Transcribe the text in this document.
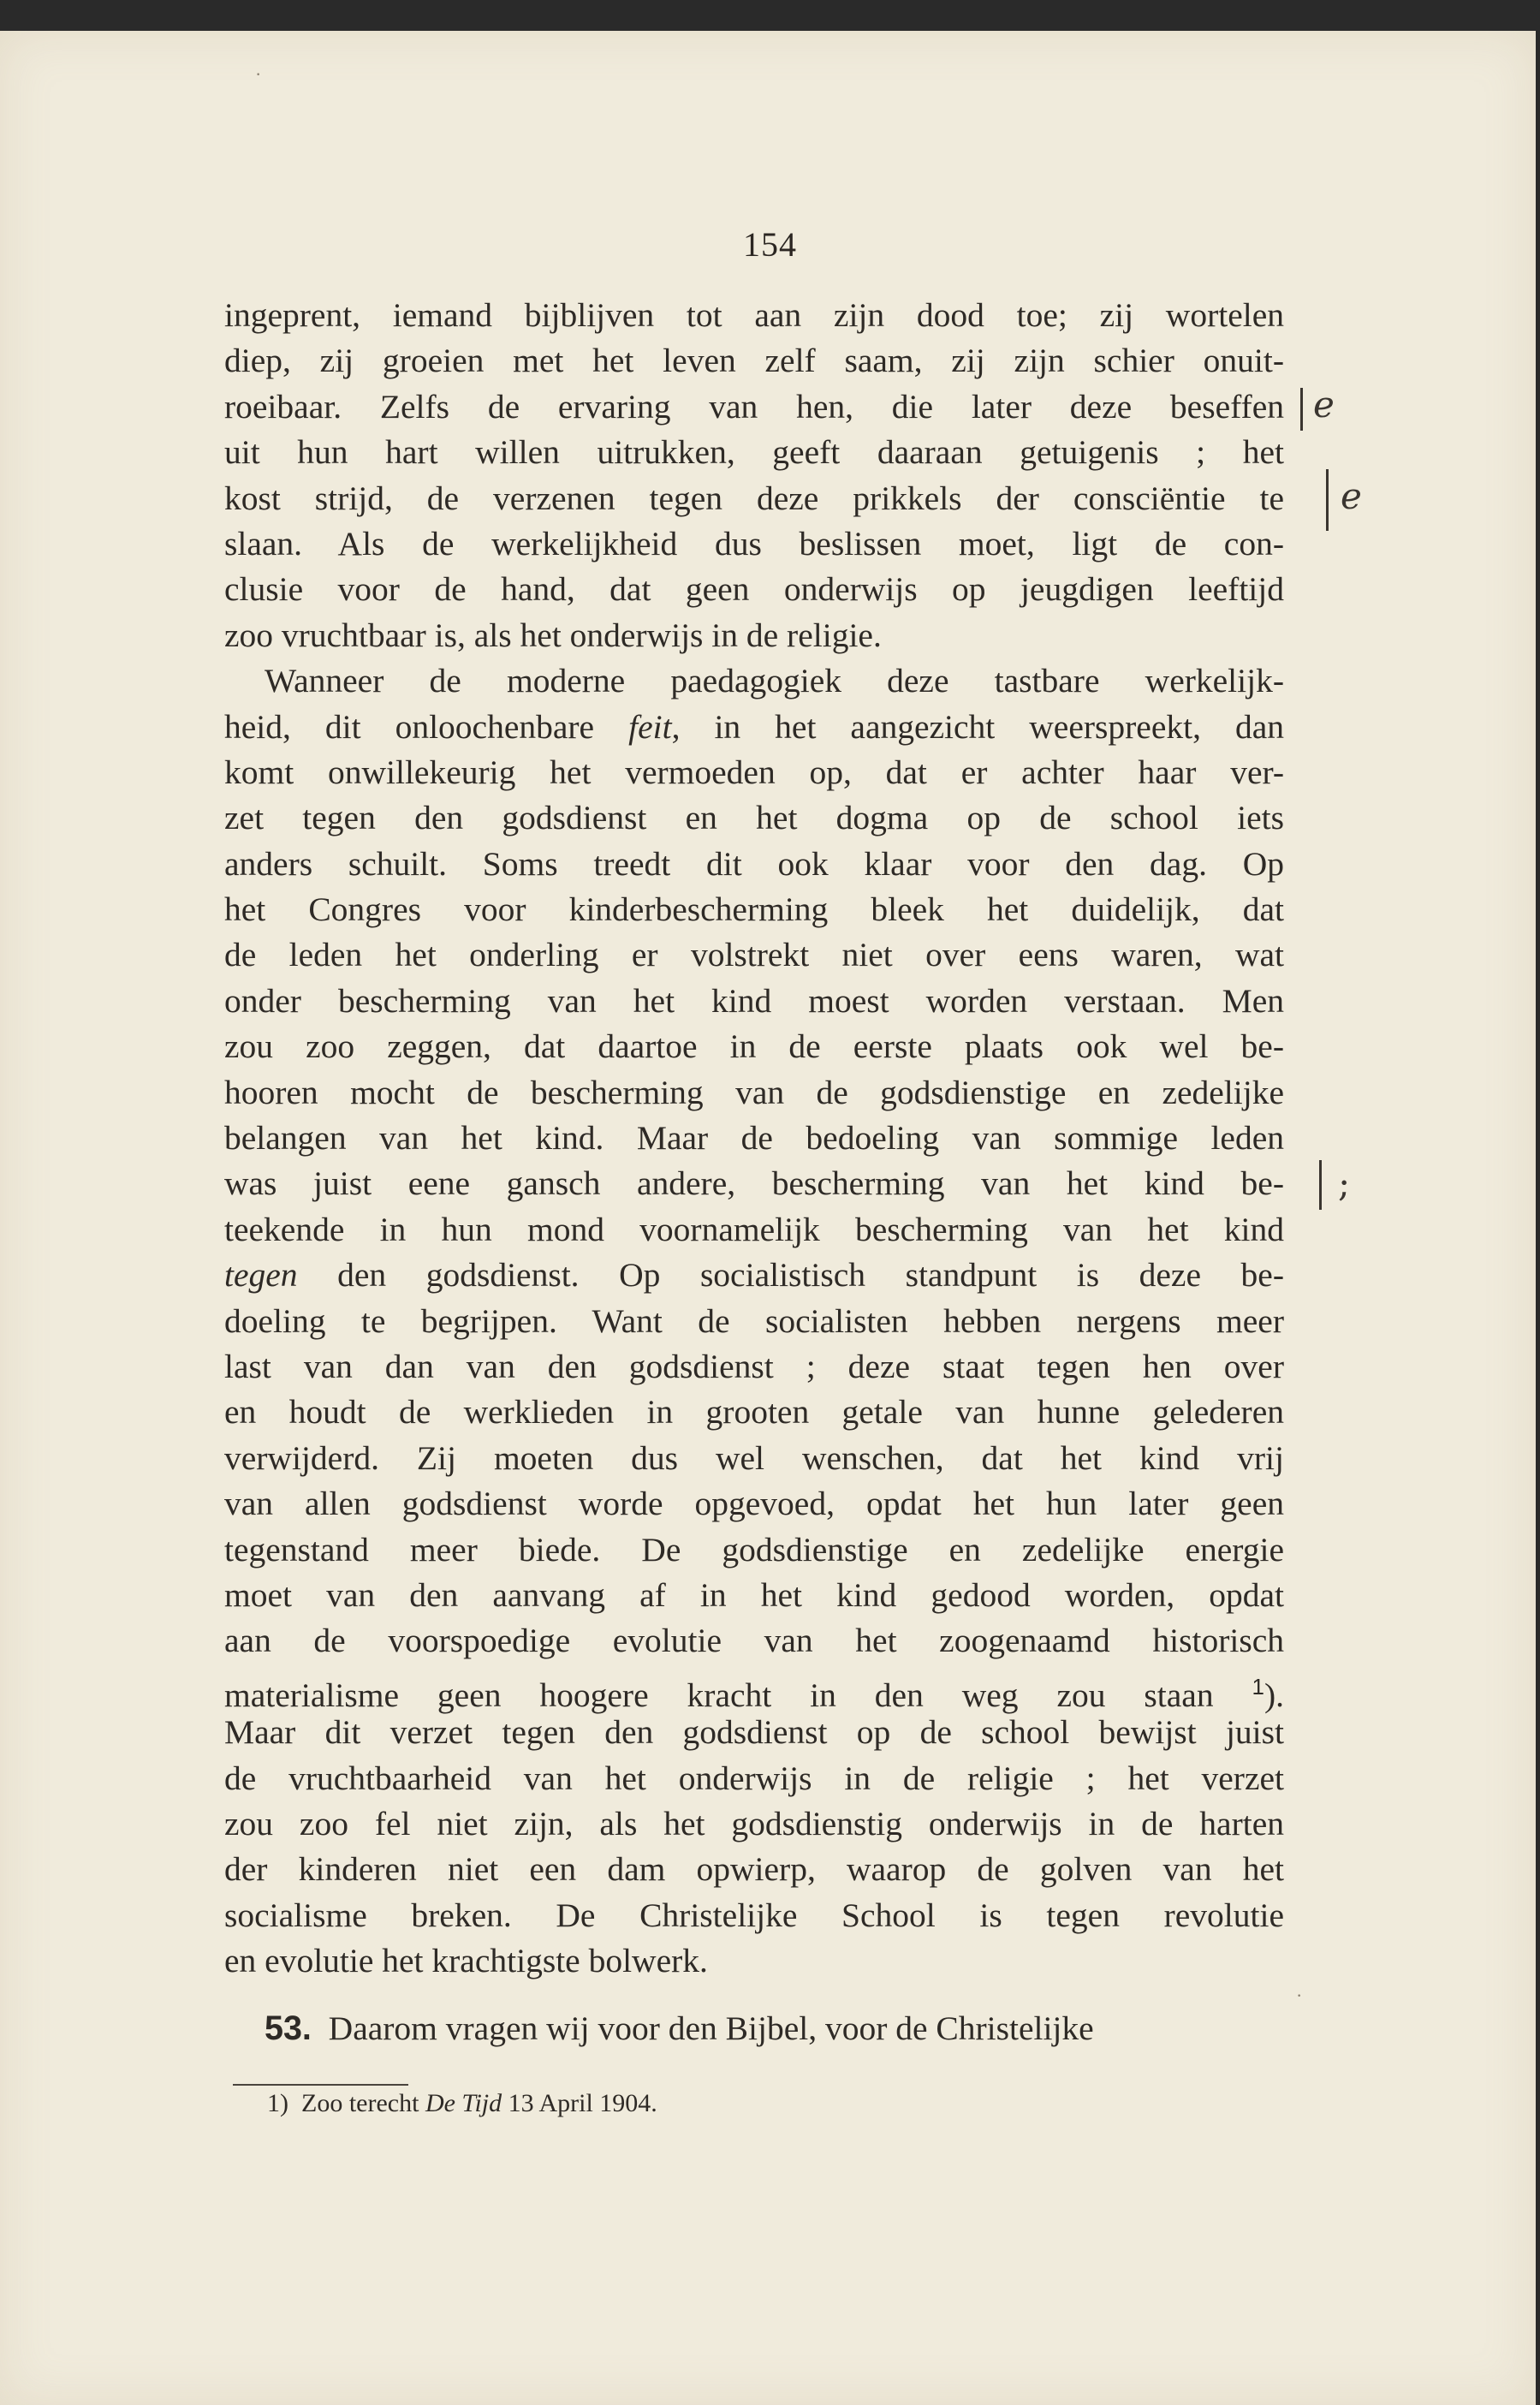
·
·
154
ingeprent, iemand bijblijven tot aan zijn dood toe; zij wortelen
diep, zij groeien met het leven zelf saam, zij zijn schier onuit-
roeibaar. Zelfs de ervaring van hen, die later deze beseffen
uit hun hart willen uitrukken, geeft daaraan getuigenis ; het
kost strijd, de verzenen tegen deze prikkels der consciëntie te
slaan. Als de werkelijkheid dus beslissen moet, ligt de con-
clusie voor de hand, dat geen onderwijs op jeugdigen leeftijd
zoo vruchtbaar is, als het onderwijs in de religie.
Wanneer de moderne paedagogiek deze tastbare werkelijk-
heid, dit onloochenbare feit, in het aangezicht weerspreekt, dan
komt onwillekeurig het vermoeden op, dat er achter haar ver-
zet tegen den godsdienst en het dogma op de school iets
anders schuilt. Soms treedt dit ook klaar voor den dag. Op
het Congres voor kinderbescherming bleek het duidelijk, dat
de leden het onderling er volstrekt niet over eens waren, wat
onder bescherming van het kind moest worden verstaan. Men
zou zoo zeggen, dat daartoe in de eerste plaats ook wel be-
hooren mocht de bescherming van de godsdienstige en zedelijke
belangen van het kind. Maar de bedoeling van sommige leden
was juist eene gansch andere, bescherming van het kind be-
teekende in hun mond voornamelijk bescherming van het kind
tegen den godsdienst. Op socialistisch standpunt is deze be-
doeling te begrijpen. Want de socialisten hebben nergens meer
last van dan van den godsdienst ; deze staat tegen hen over
en houdt de werklieden in grooten getale van hunne gelederen
verwijderd. Zij moeten dus wel wenschen, dat het kind vrij
van allen godsdienst worde opgevoed, opdat het hun later geen
tegenstand meer biede. De godsdienstige en zedelijke energie
moet van den aanvang af in het kind gedood worden, opdat
aan de voorspoedige evolutie van het zoogenaamd historisch
materialisme geen hoogere kracht in den weg zou staan $^1$).
Maar dit verzet tegen den godsdienst op de school bewijst juist
de vruchtbaarheid van het onderwijs in de religie ; het verzet
zou zoo fel niet zijn, als het godsdienstig onderwijs in de harten
der kinderen niet een dam opwierp, waarop de golven van het
socialisme breken. De Christelijke School is tegen revolutie
en evolutie het krachtigste bolwerk.
53. Daarom vragen wij voor den Bijbel, voor de Christelijke
1) Zoo terecht De Tijd 13 April 1904.
e
e
;
